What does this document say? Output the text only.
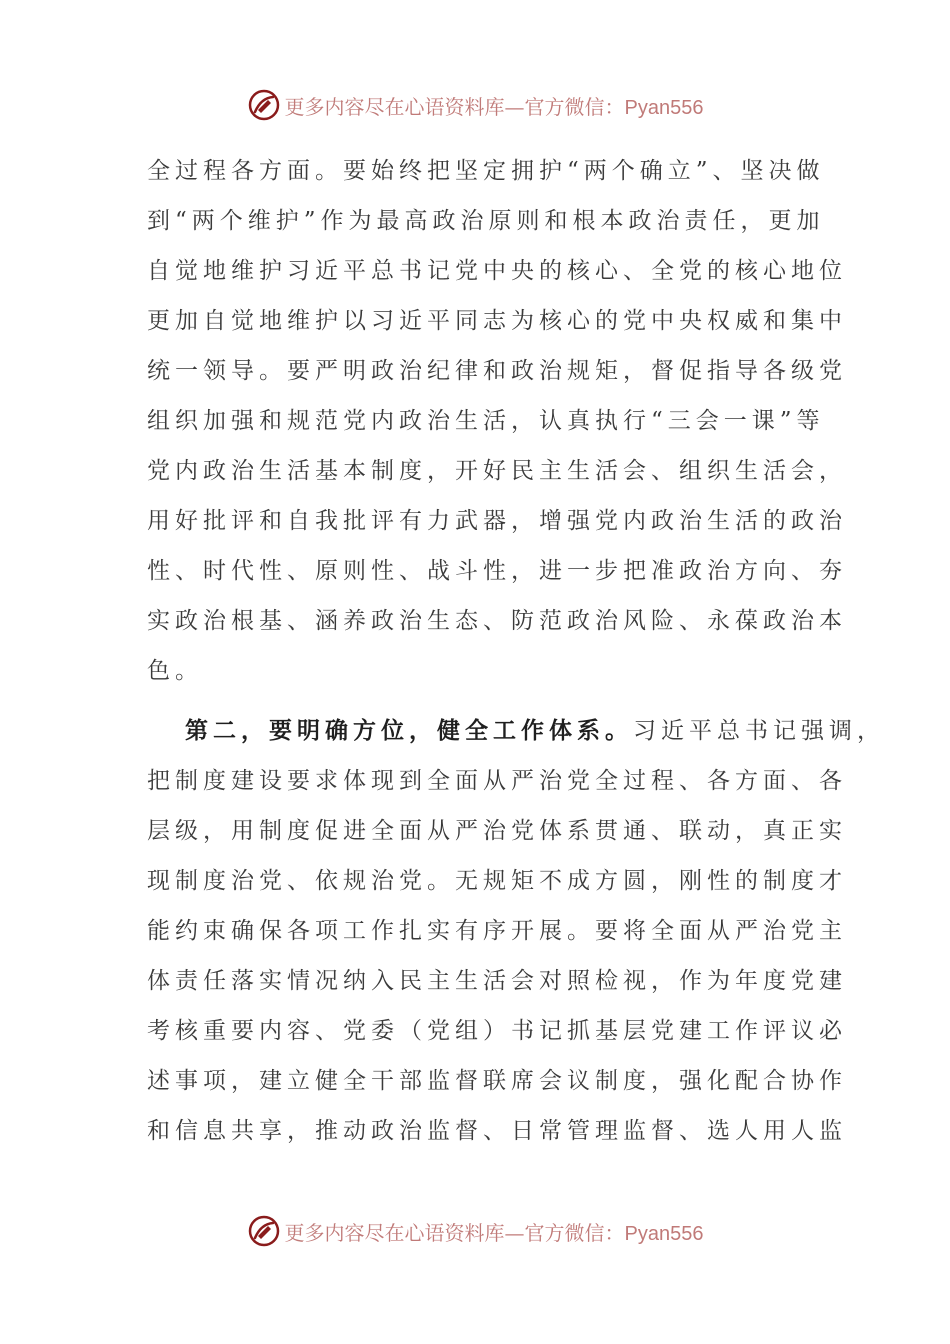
更多内容尽在心语资料库—官方微信：Pyan556
全过程各方面。要始终把坚定拥护“两个确立”、坚决做
到“两个维护”作为最高政治原则和根本政治责任，更加
自觉地维护习近平总书记党中央的核心、全党的核心地位
更加自觉地维护以习近平同志为核心的党中央权威和集中
统一领导。要严明政治纪律和政治规矩，督促指导各级党
组织加强和规范党内政治生活，认真执行“三会一课”等
党内政治生活基本制度，开好民主生活会、组织生活会，
用好批评和自我批评有力武器，增强党内政治生活的政治
性、时代性、原则性、战斗性，进一步把准政治方向、夯
实政治根基、涵养政治生态、防范政治风险、永葆政治本
色。
第二，要明确方位，健全工作体系。习近平总书记强调，
把制度建设要求体现到全面从严治党全过程、各方面、各
层级，用制度促进全面从严治党体系贯通、联动，真正实
现制度治党、依规治党。无规矩不成方圆，刚性的制度才
能约束确保各项工作扎实有序开展。要将全面从严治党主
体责任落实情况纳入民主生活会对照检视，作为年度党建
考核重要内容、党委（党组）书记抓基层党建工作评议必
述事项，建立健全干部监督联席会议制度，强化配合协作
和信息共享，推动政治监督、日常管理监督、选人用人监
更多内容尽在心语资料库—官方微信：Pyan556
